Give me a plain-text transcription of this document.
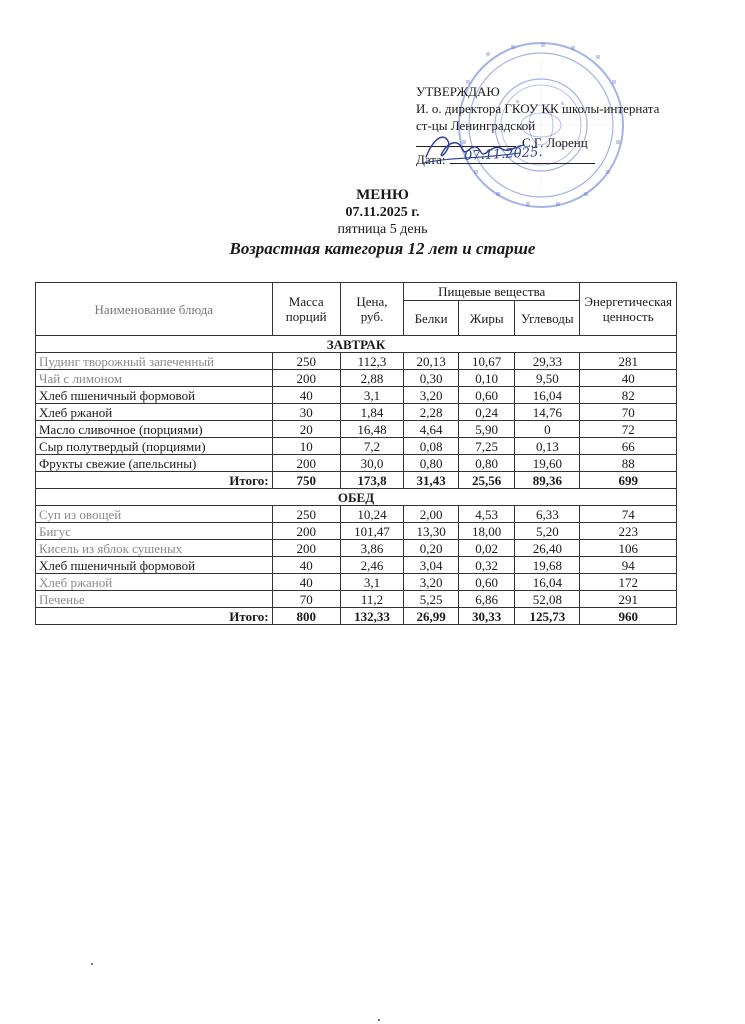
УТВЕРЖДАЮ
И. о. директора ГКОУ КК школы-интерната
ст-цы Ленинградской
С.Г. Лоренц
Дата: 07.11.2025.
МЕНЮ
07.11.2025 г.
пятница 5 день
Возрастная категория 12 лет и старше
Наименование блюда	Масса порций	Цена, руб.	Пищевые вещества			Энергетическая ценность
			Белки	Жиры	Углеводы	
ЗАВТРАК						
Пудинг творожный запеченный	250	112,3	20,13	10,67	29,33	281
Чай с лимоном	200	2,88	0,30	0,10	9,50	40
Хлеб пшеничный формовой	40	3,1	3,20	0,60	16,04	82
Хлеб ржаной	30	1,84	2,28	0,24	14,76	70
Масло сливочное (порциями)	20	16,48	4,64	5,90	0	72
Сыр полутвердый (порциями)	10	7,2	0,08	7,25	0,13	66
Фрукты свежие (апельсины)	200	30,0	0,80	0,80	19,60	88
Итого:	750	173,8	31,43	25,56	89,36	699
ОБЕД						
Суп из овощей	250	10,24	2,00	4,53	6,33	74
Бигус	200	101,47	13,30	18,00	5,20	223
Кисель из яблок сушеных	200	3,86	0,20	0,02	26,40	106
Хлеб пшеничный формовой	40	2,46	3,04	0,32	19,68	94
Хлеб ржаной	40	3,1	3,20	0,60	16,04	172
Печенье	70	11,2	5,25	6,86	52,08	291
Итого:	800	132,33	26,99	30,33	125,73	960
